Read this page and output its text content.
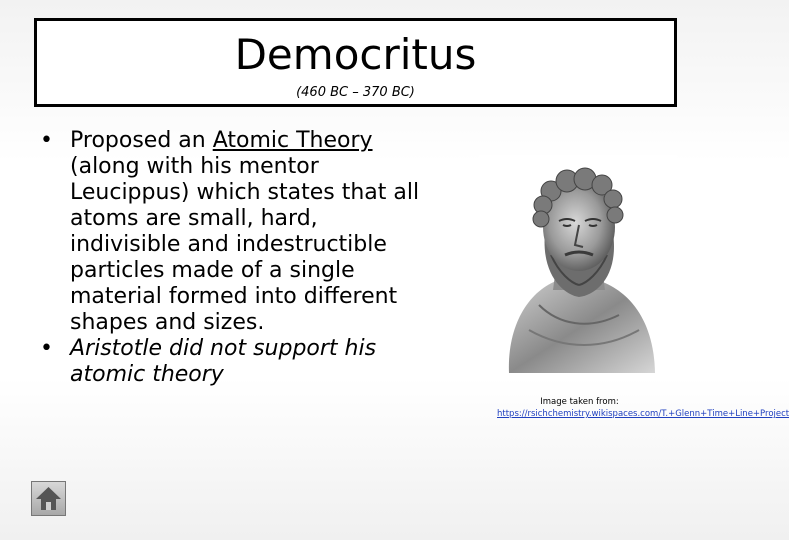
Democritus

(460 BC – 370 BC)

• Proposed an Atomic Theory (along with his mentor Leucippus) which states that all atoms are small, hard, indivisible and indestructible particles made of a single material formed into different shapes and sizes.
• Aristotle did not support his atomic theory
Image taken from: https://rsichchemistry.wikispaces.com/T.+Glenn+Time+Line+Project
